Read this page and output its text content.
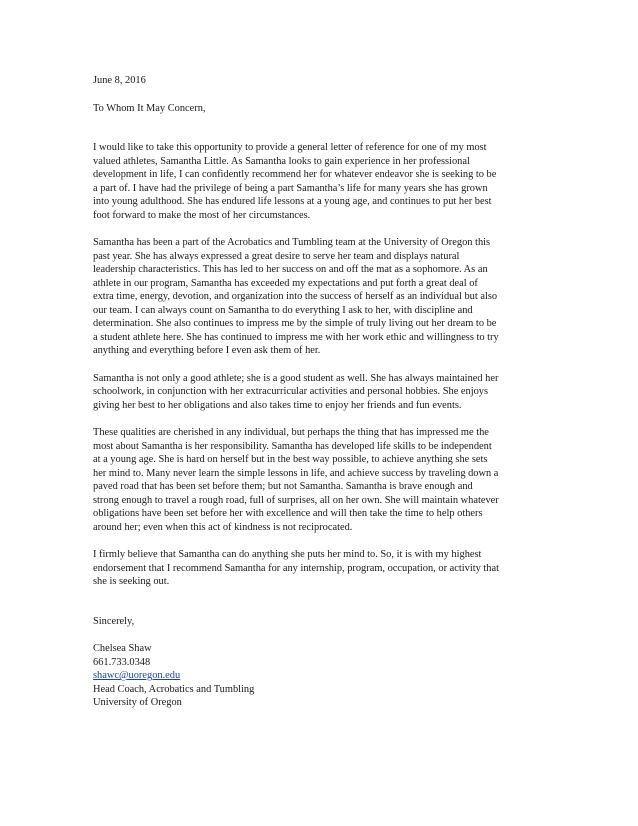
June 8, 2016
To Whom It May Concern,
I would like to take this opportunity to provide a general letter of reference for one of my most
valued athletes, Samantha Little. As Samantha looks to gain experience in her professional
development in life, I can confidently recommend her for whatever endeavor she is seeking to be
a part of. I have had the privilege of being a part Samantha’s life for many years she has grown
into young adulthood. She has endured life lessons at a young age, and continues to put her best
foot forward to make the most of her circumstances.
Samantha has been a part of the Acrobatics and Tumbling team at the University of Oregon this
past year. She has always expressed a great desire to serve her team and displays natural
leadership characteristics. This has led to her success on and off the mat as a sophomore. As an
athlete in our program, Samantha has exceeded my expectations and put forth a great deal of
extra time, energy, devotion, and organization into the success of herself as an individual but also
our team. I can always count on Samantha to do everything I ask to her, with discipline and
determination. She also continues to impress me by the simple of truly living out her dream to be
a student athlete here. She has continued to impress me with her work ethic and willingness to try
anything and everything before I even ask them of her.
Samantha is not only a good athlete; she is a good student as well. She has always maintained her
schoolwork, in conjunction with her extracurricular activities and personal hobbies. She enjoys
giving her best to her obligations and also takes time to enjoy her friends and fun events.
These qualities are cherished in any individual, but perhaps the thing that has impressed me the
most about Samantha is her responsibility. Samantha has developed life skills to be independent
at a young age. She is hard on herself but in the best way possible, to achieve anything she sets
her mind to. Many never learn the simple lessons in life, and achieve success by traveling down a
paved road that has been set before them; but not Samantha. Samantha is brave enough and
strong enough to travel a rough road, full of surprises, all on her own. She will maintain whatever
obligations have been set before her with excellence and will then take the time to help others
around her; even when this act of kindness is not reciprocated.
I firmly believe that Samantha can do anything she puts her mind to. So, it is with my highest
endorsement that I recommend Samantha for any internship, program, occupation, or activity that
she is seeking out.
Sincerely,
Chelsea Shaw
661.733.0348
shawc@uoregon.edu
Head Coach, Acrobatics and Tumbling
University of Oregon
